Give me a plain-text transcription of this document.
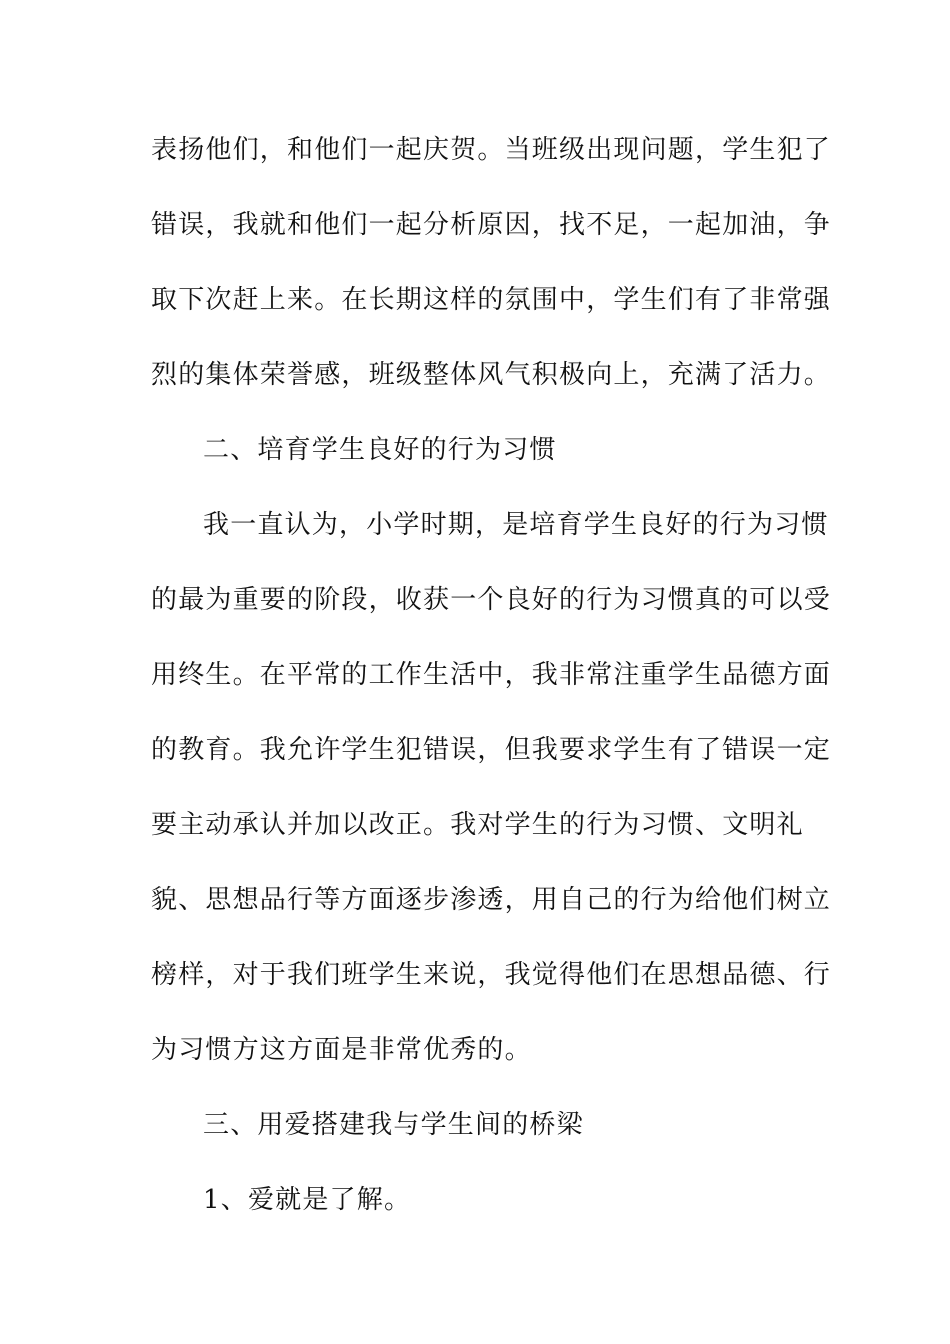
表扬他们，和他们一起庆贺。当班级出现问题，学生犯了
错误，我就和他们一起分析原因，找不足，一起加油，争
取下次赶上来。在长期这样的氛围中，学生们有了非常强
烈的集体荣誉感，班级整体风气积极向上，充满了活力。
二、培育学生良好的行为习惯
我一直认为，小学时期，是培育学生良好的行为习惯
的最为重要的阶段，收获一个良好的行为习惯真的可以受
用终生。在平常的工作生活中，我非常注重学生品德方面
的教育。我允许学生犯错误，但我要求学生有了错误一定
要主动承认并加以改正。我对学生的行为习惯、文明礼
貌、思想品行等方面逐步渗透，用自己的行为给他们树立
榜样，对于我们班学生来说，我觉得他们在思想品德、行
为习惯方这方面是非常优秀的。
三、用爱搭建我与学生间的桥梁
1、爱就是了解。
